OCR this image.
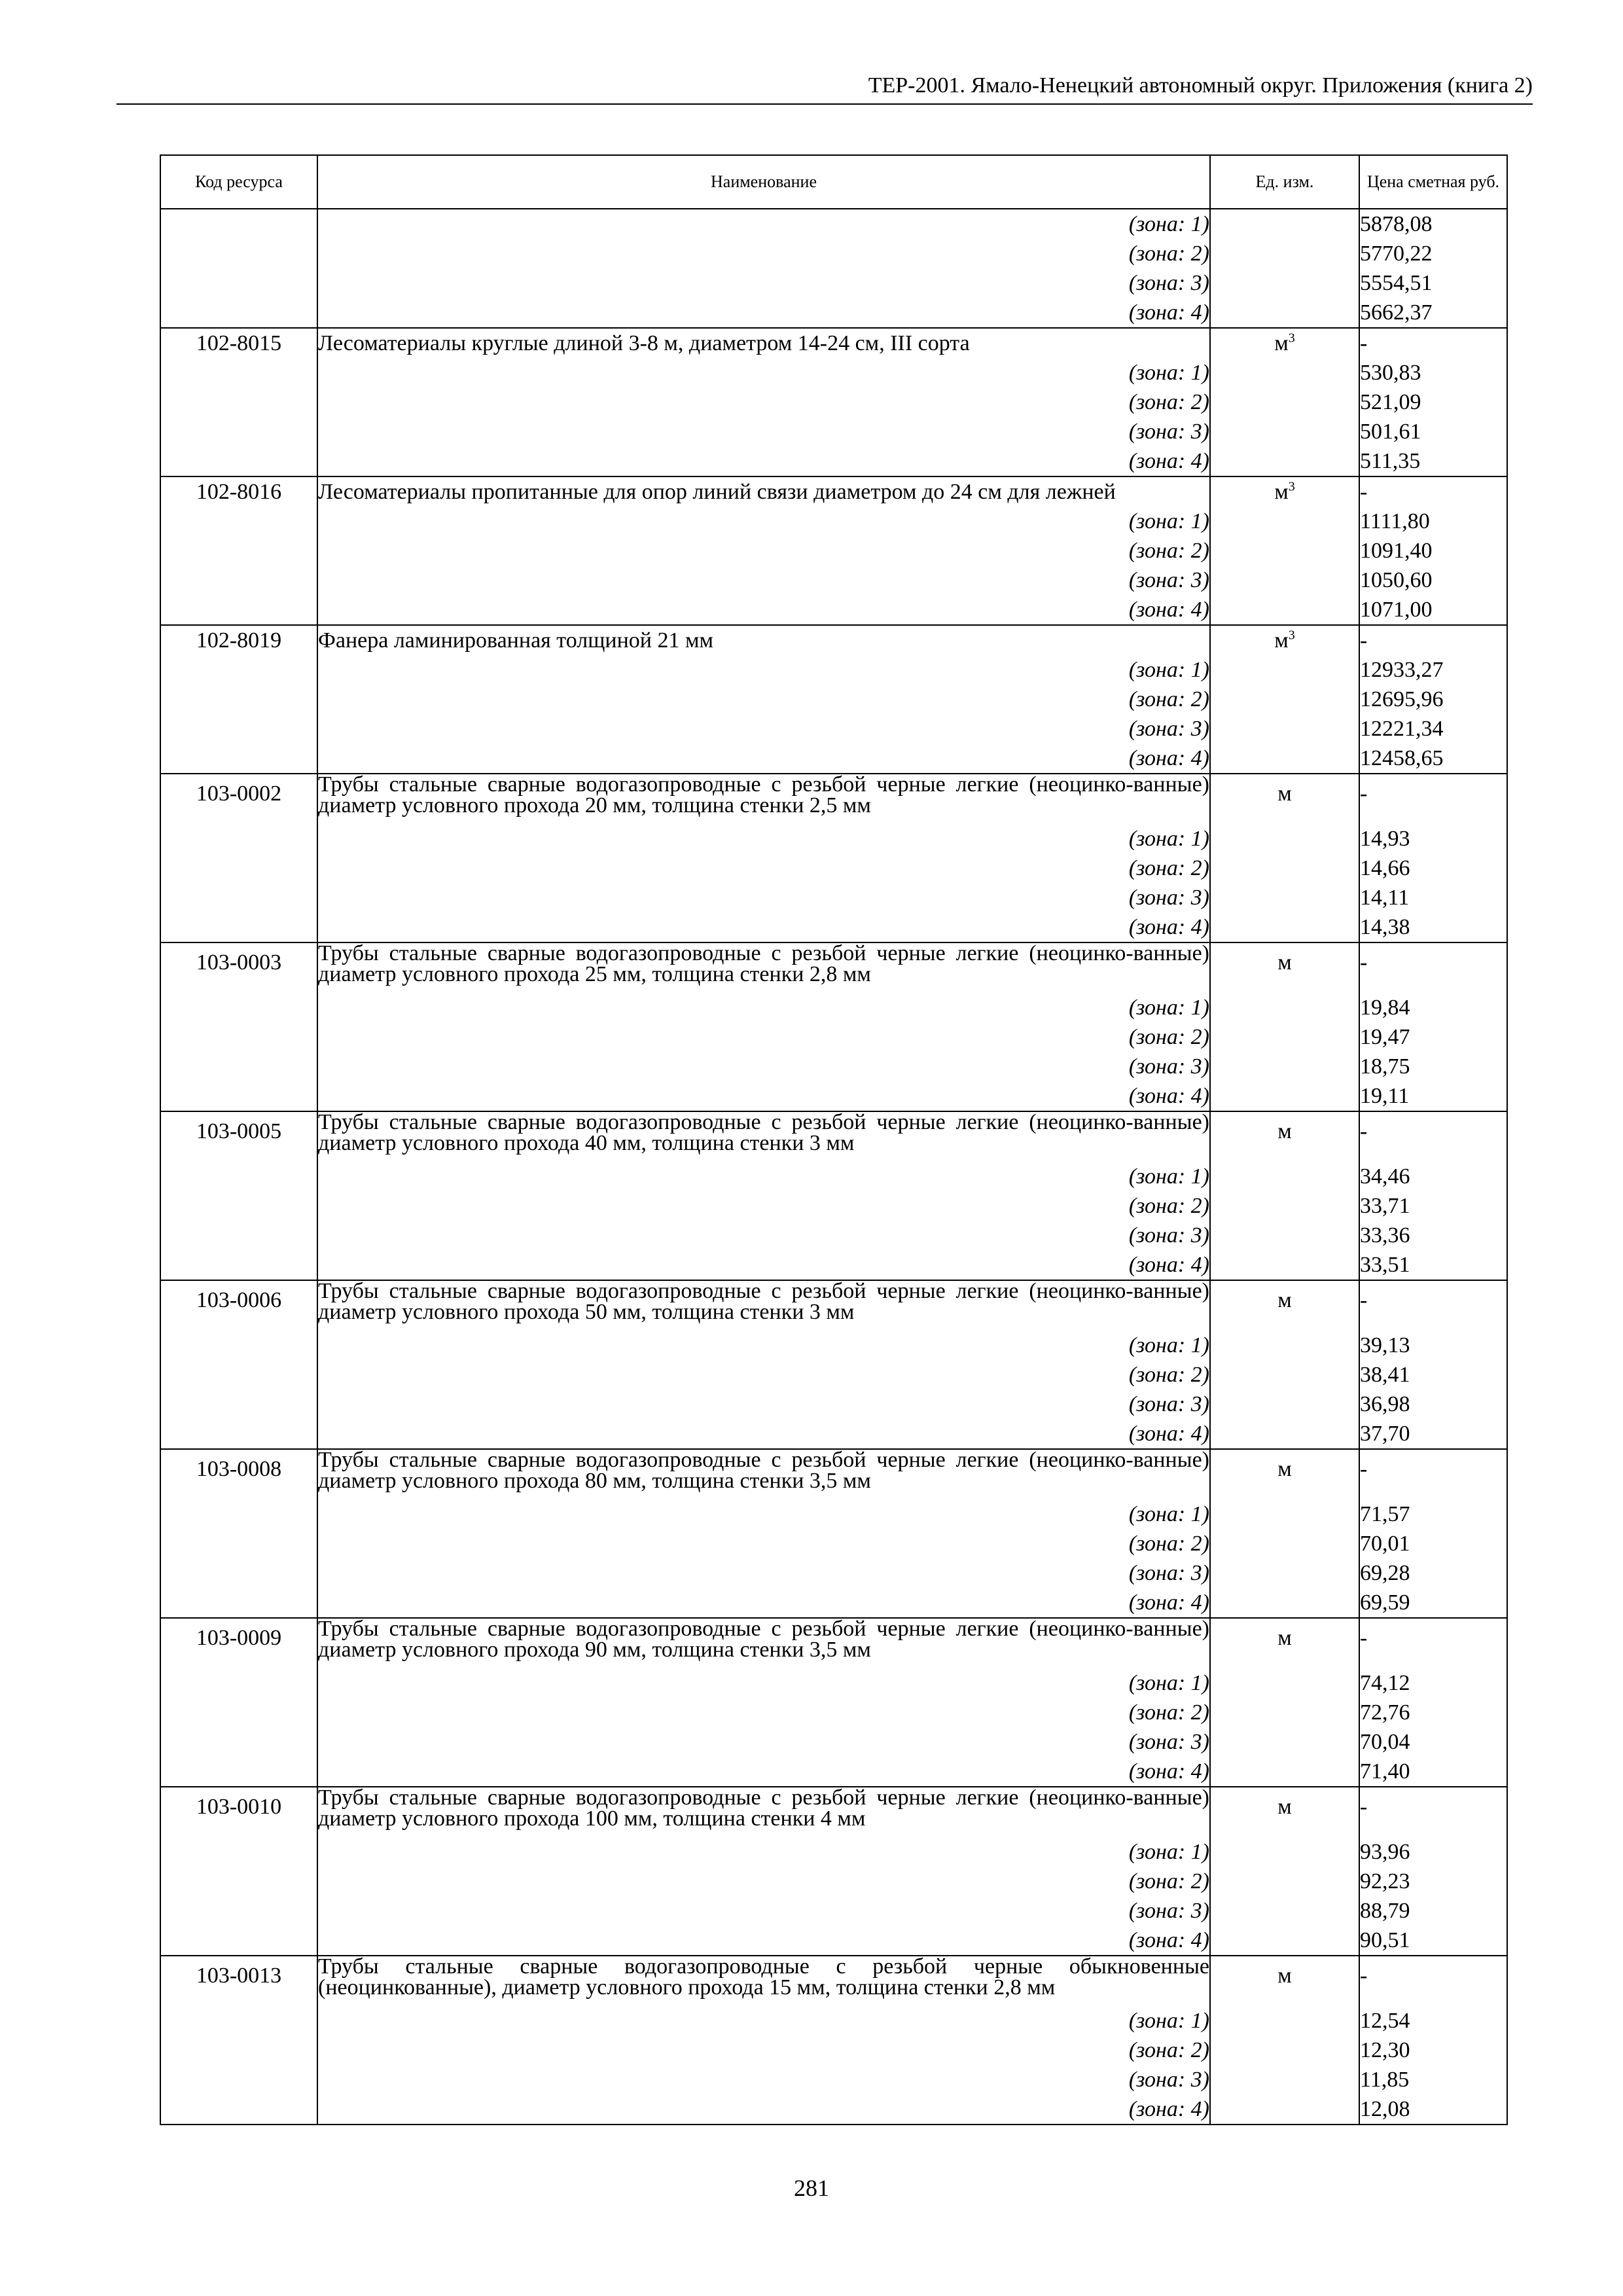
ТЕР-2001. Ямало-Ненецкий автономный округ. Приложения (книга 2)
Код ресурса	Наименование	Ед. изм.	Цена сметная руб.
	(зона: 1)		5878,08
	(зона: 2)		5770,22
	(зона: 3)		5554,51
	(зона: 4)		5662,37
102-8015	Лесоматериалы круглые длиной 3-8 м, диаметром 14-24 см, III сорта	$м^3$	-
	(зона: 1)		530,83
	(зона: 2)		521,09
	(зона: 3)		501,61
	(зона: 4)		511,35
102-8016	Лесоматериалы пропитанные для опор линий связи диаметром до 24 см для лежней	$м^3$	-
	(зона: 1)		1111,80
	(зона: 2)		1091,40
	(зона: 3)		1050,60
	(зона: 4)		1071,00
102-8019	Фанера ламинированная толщиной 21 мм	$м^3$	-
	(зона: 1)		12933,27
	(зона: 2)		12695,96
	(зона: 3)		12221,34
	(зона: 4)		12458,65
103-0002	Трубы стальные сварные водогазопроводные с резьбой черные легкие (неоцинко-ванные) диаметр условного прохода 20 мм, толщина стенки 2,5 мм	м	-
	(зона: 1)		14,93
	(зона: 2)		14,66
	(зона: 3)		14,11
	(зона: 4)		14,38
103-0003	Трубы стальные сварные водогазопроводные с резьбой черные легкие (неоцинко-ванные) диаметр условного прохода 25 мм, толщина стенки 2,8 мм	м	-
	(зона: 1)		19,84
	(зона: 2)		19,47
	(зона: 3)		18,75
	(зона: 4)		19,11
103-0005	Трубы стальные сварные водогазопроводные с резьбой черные легкие (неоцинко-ванные) диаметр условного прохода 40 мм, толщина стенки 3 мм	м	-
	(зона: 1)		34,46
	(зона: 2)		33,71
	(зона: 3)		33,36
	(зона: 4)		33,51
103-0006	Трубы стальные сварные водогазопроводные с резьбой черные легкие (неоцинко-ванные) диаметр условного прохода 50 мм, толщина стенки 3 мм	м	-
	(зона: 1)		39,13
	(зона: 2)		38,41
	(зона: 3)		36,98
	(зона: 4)		37,70
103-0008	Трубы стальные сварные водогазопроводные с резьбой черные легкие (неоцинко-ванные) диаметр условного прохода 80 мм, толщина стенки 3,5 мм	м	-
	(зона: 1)		71,57
	(зона: 2)		70,01
	(зона: 3)		69,28
	(зона: 4)		69,59
103-0009	Трубы стальные сварные водогазопроводные с резьбой черные легкие (неоцинко-ванные) диаметр условного прохода 90 мм, толщина стенки 3,5 мм	м	-
	(зона: 1)		74,12
	(зона: 2)		72,76
	(зона: 3)		70,04
	(зона: 4)		71,40
103-0010	Трубы стальные сварные водогазопроводные с резьбой черные легкие (неоцинко-ванные) диаметр условного прохода 100 мм, толщина стенки 4 мм	м	-
	(зона: 1)		93,96
	(зона: 2)		92,23
	(зона: 3)		88,79
	(зона: 4)		90,51
103-0013	Трубы стальные сварные водогазопроводные с резьбой черные обыкновенные (неоцинкованные), диаметр условного прохода 15 мм, толщина стенки 2,8 мм	м	-
	(зона: 1)		12,54
	(зона: 2)		12,30
	(зона: 3)		11,85
	(зона: 4)		12,08
281
